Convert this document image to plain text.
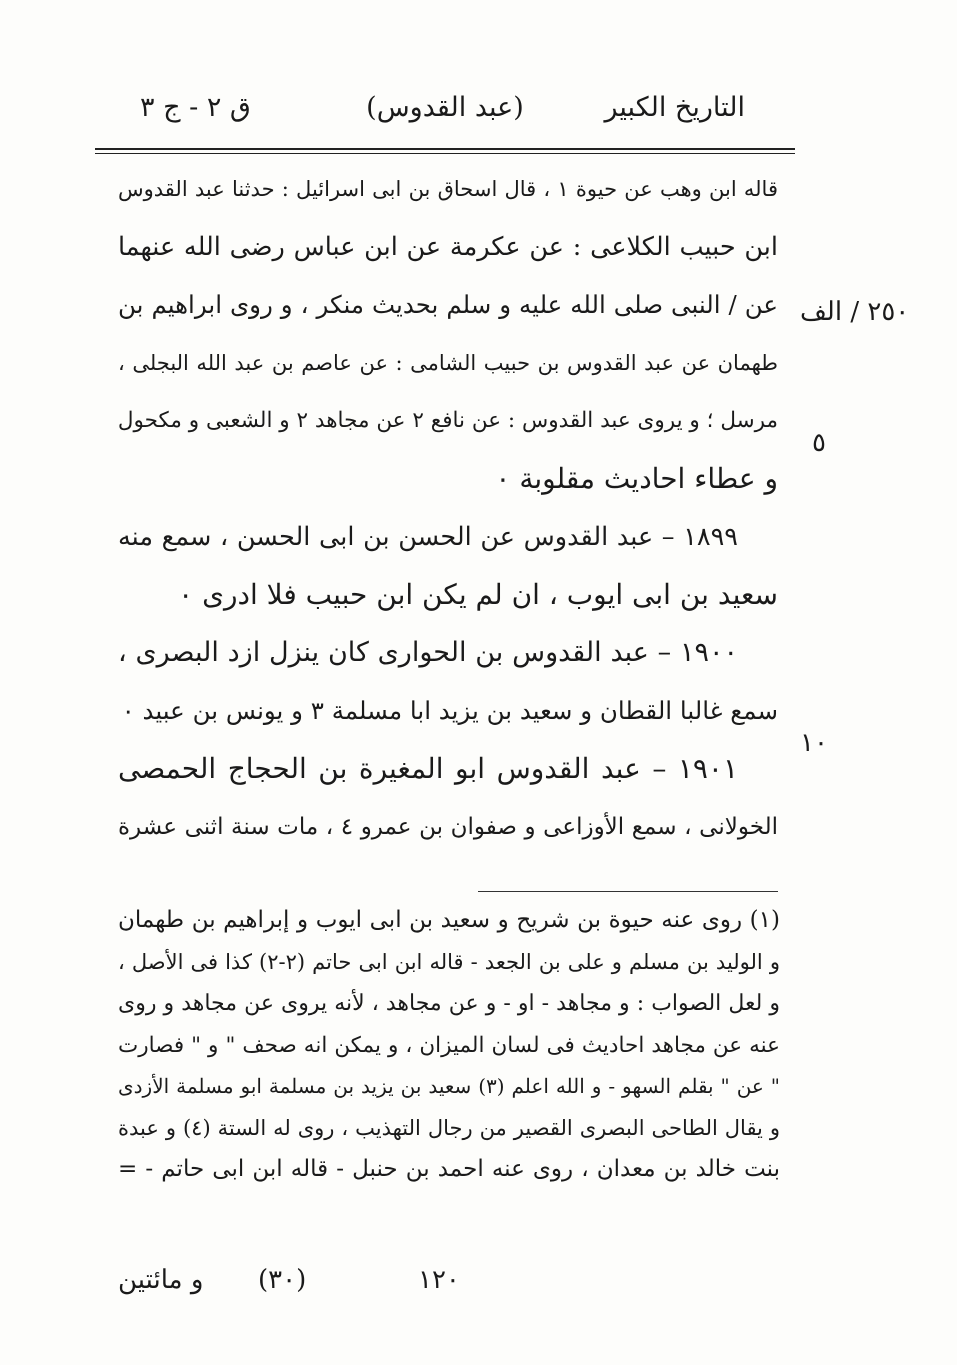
التاريخ الكبير
(عبد القدوس)
ق ٢ - ج ٣
٢٥٠ / الف
٥
١٠
قاله ابن وهب عن حيوة ١ ، قال اسحاق بن ابى اسرائيل : حدثنا عبد القدوس
ابن حبيب الكلاعى : عن عكرمة عن ابن عباس رضى الله عنهما
عن / النبى صلى الله عليه و سلم بحديث منكر ، و روى ابراهيم بن
طهمان عن عبد القدوس بن حبيب الشامى : عن عاصم بن عبد الله البجلى ،
مرسل ؛ و يروى عبد القدوس : عن نافع ٢ عن مجاهد ٢ و الشعبى و مكحول
و عطاء احاديث مقلوبة ٠
١٨٩٩ – عبد القدوس عن الحسن بن ابى الحسن ، سمع منه
سعيد بن ابى ايوب ، ان لم يكن ابن حبيب فلا ادرى ٠
١٩٠٠ – عبد القدوس بن الحوارى كان ينزل ازد البصرى ،
سمع غالبا القطان و سعيد بن يزيد ابا مسلمة ٣ و يونس بن عبيد ٠
١٩٠١ – عبد القدوس ابو المغيرة بن الحجاج الحمصى
الخولانى ، سمع الأوزاعى و صفوان بن عمرو ٤ ، مات سنة اثنى عشرة
(١) روى عنه حيوة بن شريح و سعيد بن ابى ايوب و إبراهيم بن طهمان
و الوليد بن مسلم و على بن الجعد - قاله ابن ابى حاتم (٢-٢) كذا فى الأصل ،
و لعل الصواب : و مجاهد - او - و عن مجاهد ، لأنه يروى عن مجاهد و روى
عنه عن مجاهد احاديث فى لسان الميزان ، و يمكن انه صحف " و " فصارت
" عن " بقلم السهو - و الله اعلم (٣) سعيد بن يزيد بن مسلمة ابو مسلمة الأزدى
و يقال الطاحى البصرى القصير من رجال التهذيب ، روى له الستة (٤) و عبدة
بنت خالد بن معدان ، روى عنه احمد بن حنبل - قاله ابن ابى حاتم - =
١٢٠
(٣٠)
و مائتين
